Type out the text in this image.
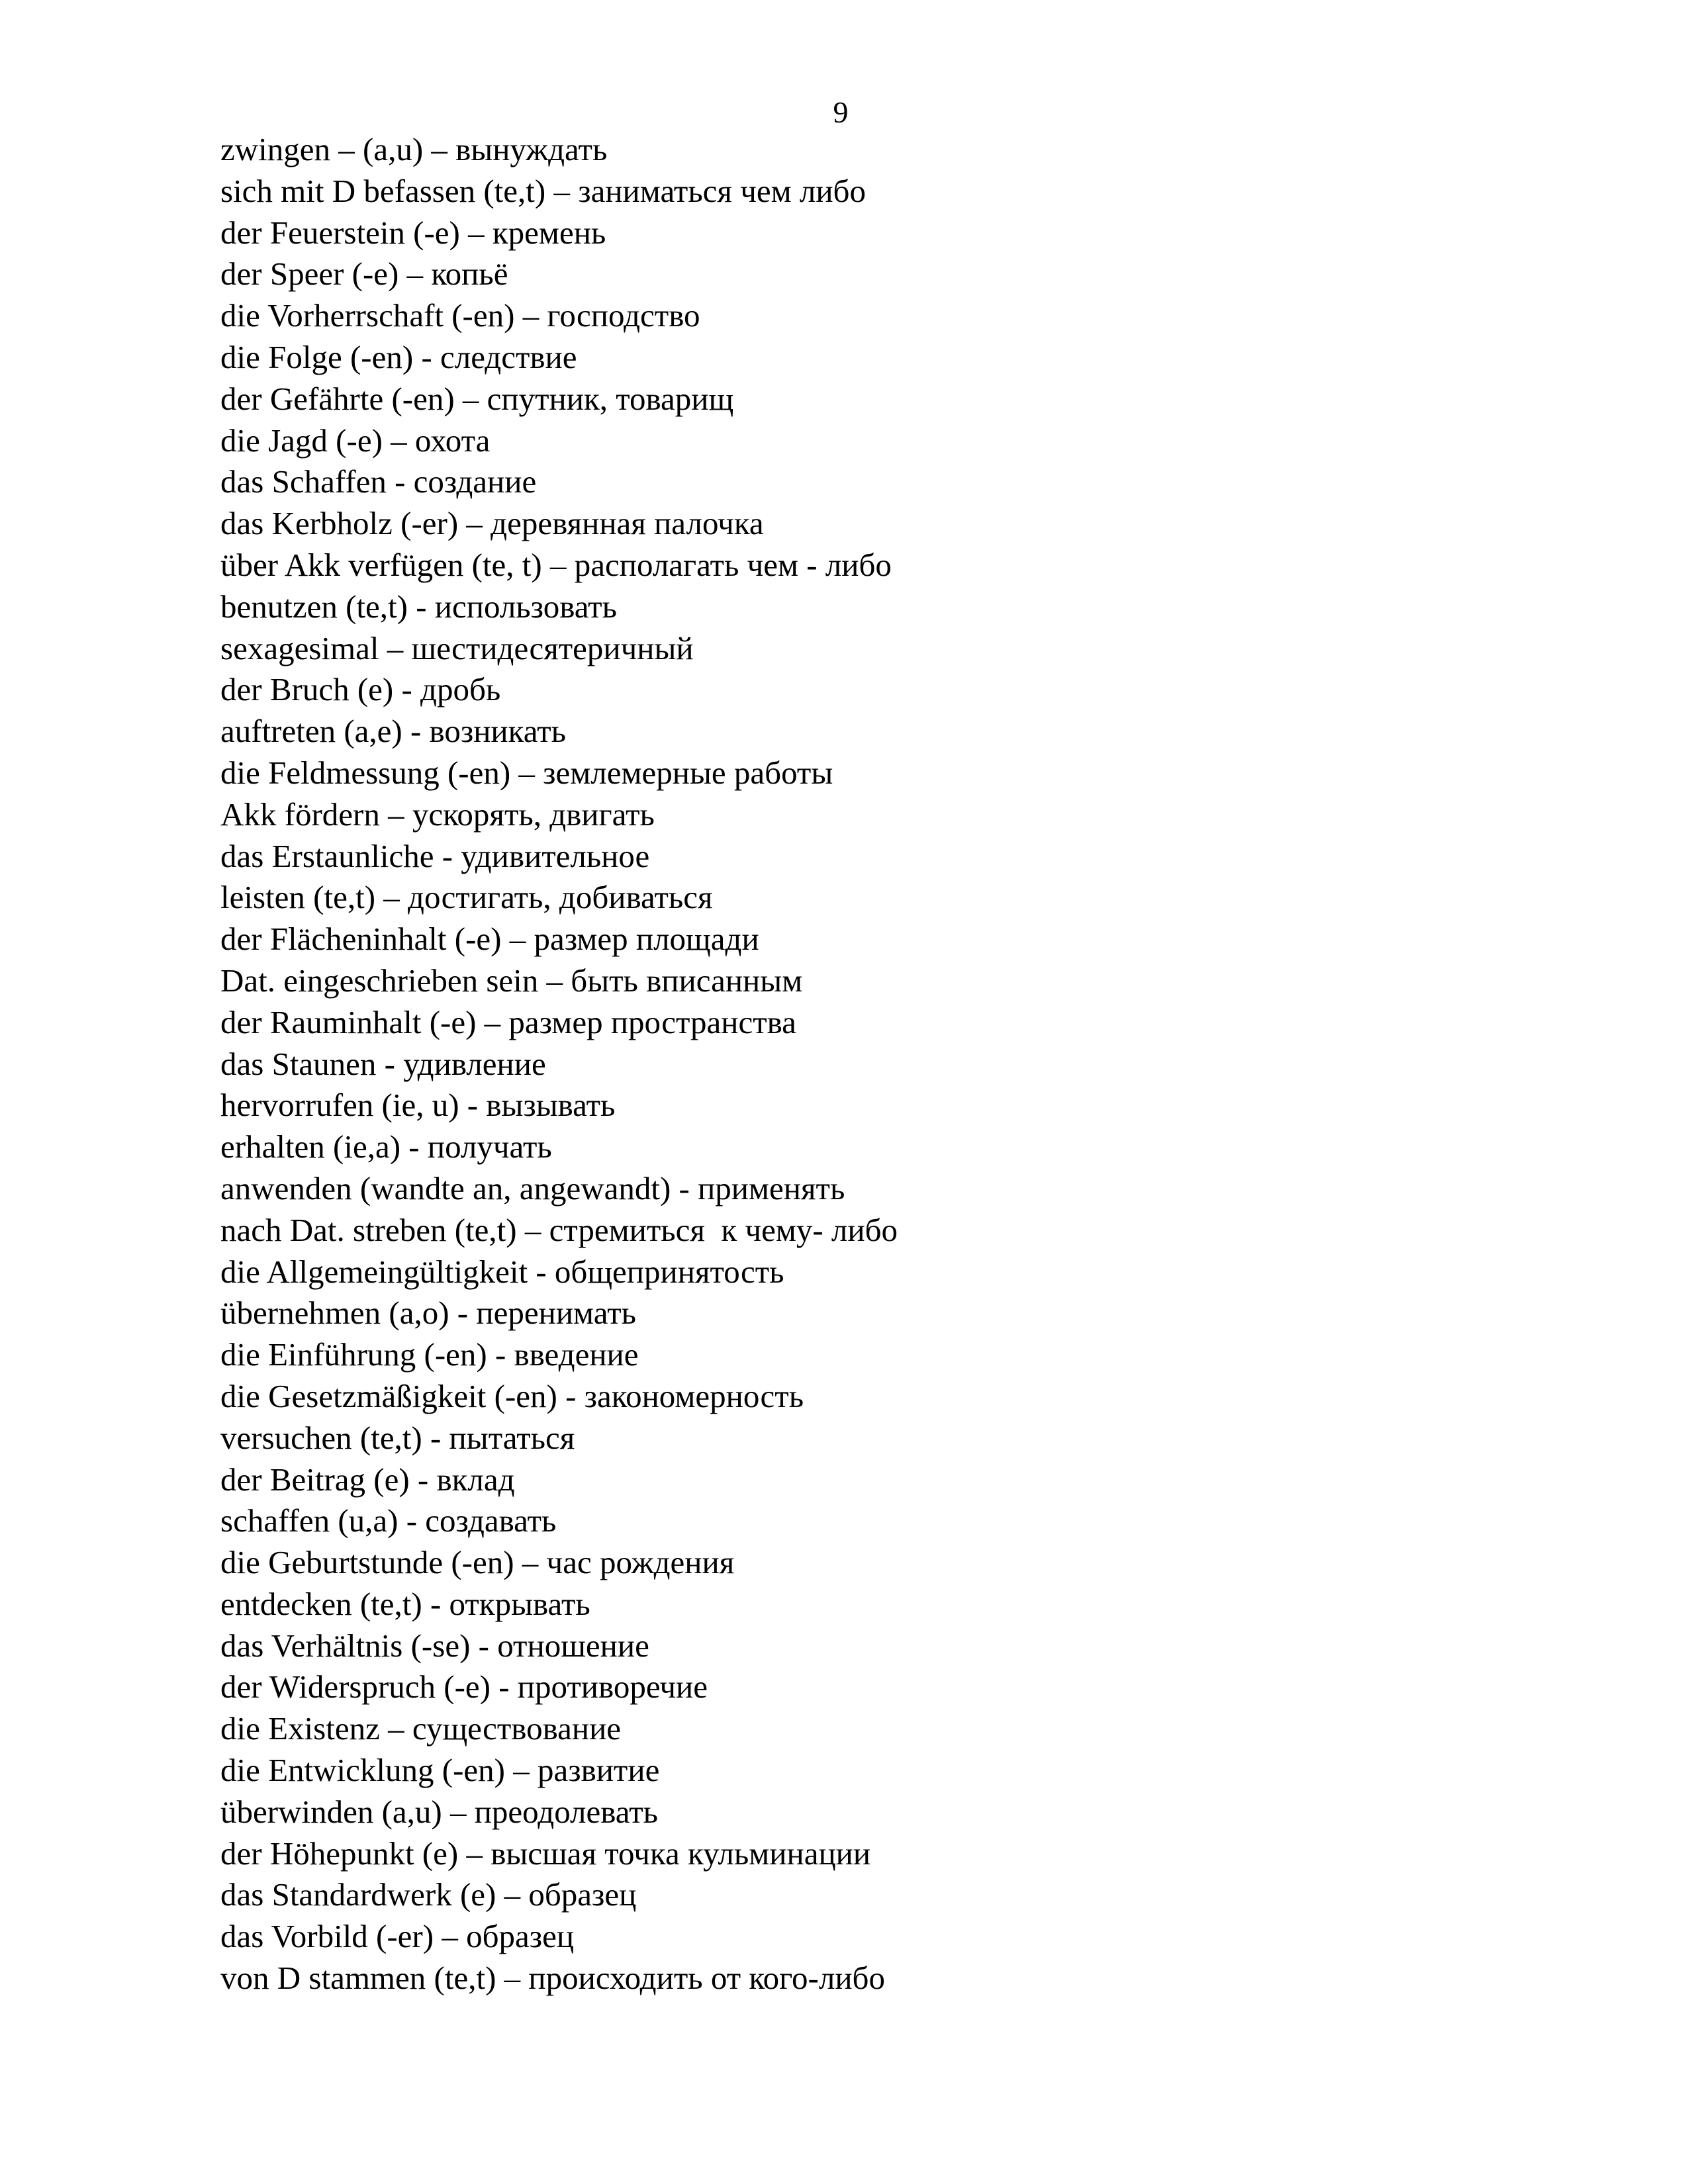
9
zwingen – (a,u) – вынуждать
sich mit D befassen (te,t) – заниматься чем либо
der Feuerstein (-e) – кремень
der Speer (-e) – копьё
die Vorherrschaft (-en) – господство
die Folge (-en) - следствие
der Gefährte (-en) – спутник, товарищ
die Jagd (-e) – охота
das Schaffen - создание
das Kerbholz (-er) – деревянная палочка
über Akk verfügen (te, t) – располагать чем - либо
benutzen (te,t) - использовать
sexagesimal – шестидесятеричный
der Bruch (e) - дробь
auftreten (a,e) - возникать
die Feldmessung (-en) – землемерные работы
Akk fördern – ускорять, двигать
das Erstaunliche - удивительное
leisten (te,t) – достигать, добиваться
der Flächeninhalt (-e) – размер площади
Dat. eingeschrieben sein – быть вписанным
der Rauminhalt (-e) – размер пространства
das Staunen - удивление
hervorrufen (ie, u) - вызывать
erhalten (ie,a) - получать
anwenden (wandte an, angewandt) - применять
nach Dat. streben (te,t) – стремиться  к чему- либо
die Allgemeingültigkeit - общепринятость
übernehmen (a,o) - перенимать
die Einführung (-en) - введение
die Gesetzmäßigkeit (-en) - закономерность
versuchen (te,t) - пытаться
der Beitrag (e) - вклад
schaffen (u,a) - создавать
die Geburtstunde (-en) – час рождения
entdecken (te,t) - открывать
das Verhältnis (-se) - отношение
der Widerspruch (-e) - противоречие
die Existenz – существование
die Entwicklung (-en) – развитие
überwinden (a,u) – преодолевать
der Höhepunkt (e) – высшая точка кульминации
das Standardwerk (e) – образец
das Vorbild (-er) – образец
von D stammen (te,t) – происходить от кого-либо
